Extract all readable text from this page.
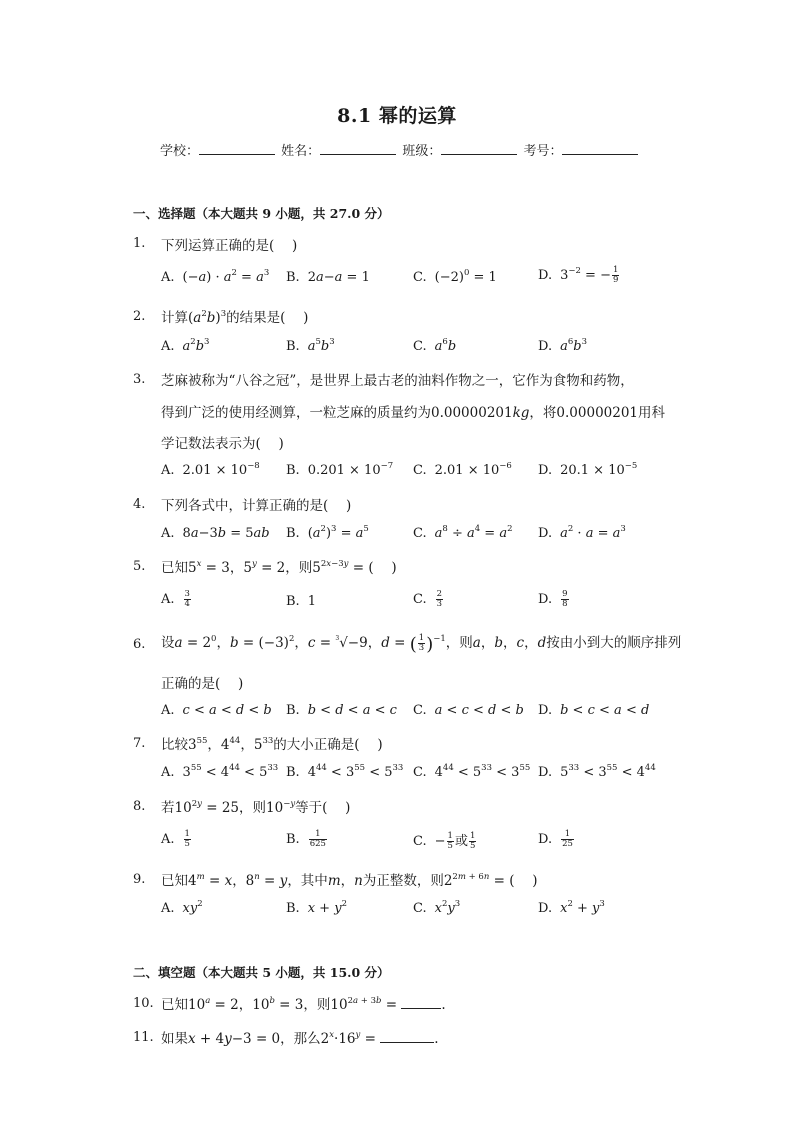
8.1 幂的运算
学校：	姓名：	班级：	考号：
一、选择题（本大题共 9 小题，共 27.0 分）
1. 下列运算正确的是(　 )
A. $(-a) \cdot a^2 = a^3$ B. 2a−a = 1	C. $(-2)^0 = 1$	D. $3^{-2}$ = − $\frac{1}{9}$
2. 计算$(a^2b)^3$的结果是(　 )
A. $a^2b^3$	B. $a^5b^3$	C. $a^6b$	D. $a^6b^3$
3. 芝麻被称为“八谷之冠”，是世界上最古老的油料作物之一，它作为食物和药物，
得到广泛的使用经测算，一粒芝麻的质量约为0.00000201kg，将0.00000201用科
学记数法表示为(　 )
A. $2.01 \times 10^{-8}$ B. $0.201 \times 10^{-7}$ C. $2.01 \times 10^{-6}$ D. $20.1 \times 10^{-5}$
4. 下列各式中，计算正确的是(　 )
A. 8a−3b = 5ab B. $(a^2)^3 = a^5$	C. $a^8 \div a^4 = a^2$ D. $a^2 \cdot a = a^3$
5. 已知$5^x = 3$，$5^y = 2$，则$5^{2x-3y}$ = (　 )
A. $\frac{3}{4}$	B. 1	C. $\frac{2}{3}$	D. $\frac{9}{8}$
6. 设$a = 2^0$，$b = (-3)^2$，c = $^3$√−9，d = ( $\frac{1}{3} )^{-1}$，则a，b，c，d按由小到大的顺序排列
正确的是(　 )
A. c < a < d < b B. b < d < a < c C. a < c < d < b D. b < c < a < d
7. 比较$3^{55}$，$4^{44}$，$5^{33}$的大小正确是(　 )
A. $3^{55} < 4^{44} < 5^{33}$ B. $4^{44} < 3^{55} < 5^{33}$ C. $4^{44} < 5^{33} < 3^{55}$ D. $5^{33} < 3^{55} < 4^{44}$
8. 若$10^{2y} = 25$，则$10^{-y}$等于(　 )
A. $\frac{1}{5}$	B. $\frac{1}{625}$	C. − $\frac{1}{5}$ 或 $\frac{1}{5}$	D. $\frac{1}{25}$
9. 已知$4^m = x$，$8^n = y$，其中m，n为正整数，则$2^{2m + 6n}$ = (　 )
A. $xy^2$	B. $x + y^2$	C. $x^2y^3$	D. $x^2 + y^3$
二、填空题（本大题共 5 小题，共 15.0 分）
10. 已知$10^a = 2$，$10^b = 3$，则$10^{2a + 3b}$ =	.
11. 如果x + 4y−3 = 0，那么$2^x\cdot 16^y$ =	.
